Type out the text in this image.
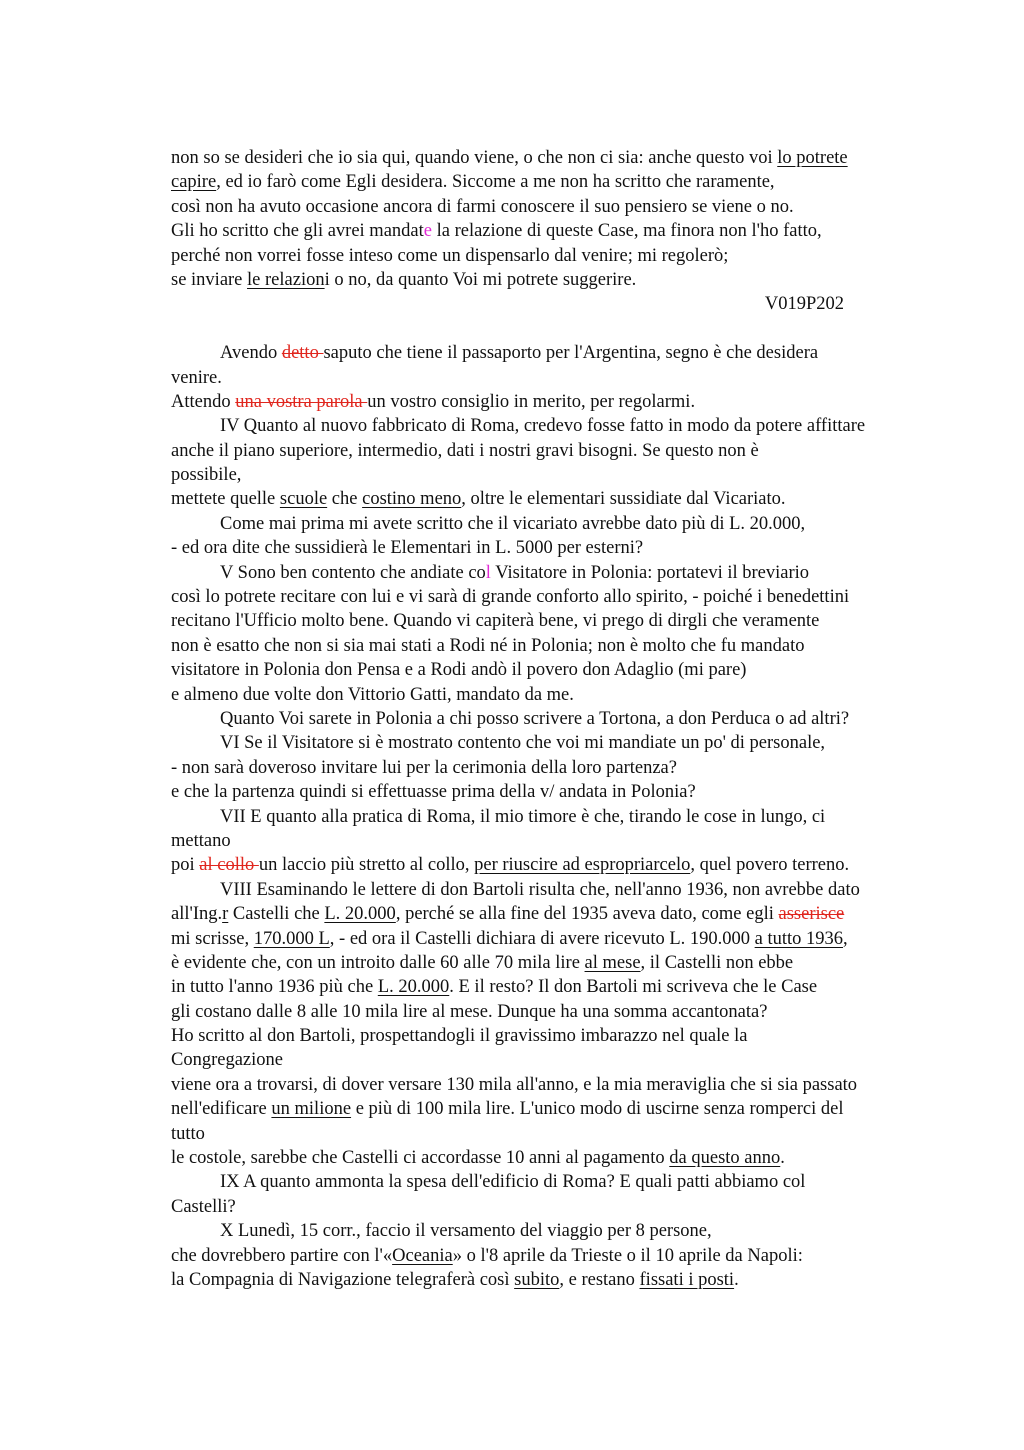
non so se desideri che io sia qui, quando viene, o che non ci sia: anche questo voi lo potrete
capire, ed io farò come Egli desidera. Siccome a me non ha scritto che raramente,
così non ha avuto occasione ancora di farmi conoscere il suo pensiero se viene o no.
Gli ho scritto che gli avrei mandate la relazione di queste Case, ma finora non l'ho fatto,
perché non vorrei fosse inteso come un dispensarlo dal venire; mi regolerò;
se inviare le relazioni o no, da quanto Voi mi potrete suggerire.
V019P202
Avendo detto saputo che tiene il passaporto per l'Argentina, segno è che desidera
venire.
Attendo una vostra parola un vostro consiglio in merito, per regolarmi.
IV Quanto al nuovo fabbricato di Roma, credevo fosse fatto in modo da potere affittare
anche il piano superiore, intermedio, dati i nostri gravi bisogni. Se questo non è
possibile,
mettete quelle scuole che costino meno, oltre le elementari sussidiate dal Vicariato.
Come mai prima mi avete scritto che il vicariato avrebbe dato più di L. 20.000,
- ed ora dite che sussidierà le Elementari in L. 5000 per esterni?
V Sono ben contento che andiate col Visitatore in Polonia: portatevi il breviario
così lo potrete recitare con lui e vi sarà di grande conforto allo spirito, - poiché i benedettini
recitano l'Ufficio molto bene. Quando vi capiterà bene, vi prego di dirgli che veramente
non è esatto che non si sia mai stati a Rodi né in Polonia; non è molto che fu mandato
visitatore in Polonia don Pensa e a Rodi andò il povero don Adaglio (mi pare)
e almeno due volte don Vittorio Gatti, mandato da me.
Quanto Voi sarete in Polonia a chi posso scrivere a Tortona, a don Perduca o ad altri?
VI Se il Visitatore si è mostrato contento che voi mi mandiate un po' di personale,
- non sarà doveroso invitare lui per la cerimonia della loro partenza?
e che la partenza quindi si effettuasse prima della v/ andata in Polonia?
VII E quanto alla pratica di Roma, il mio timore è che, tirando le cose in lungo, ci
mettano
poi al collo un laccio più stretto al collo, per riuscire ad espropriarcelo, quel povero terreno.
VIII Esaminando le lettere di don Bartoli risulta che, nell'anno 1936, non avrebbe dato
all'Ing.r Castelli che L. 20.000, perché se alla fine del 1935 aveva dato, come egli asserisce
mi scrisse, 170.000 L, - ed ora il Castelli dichiara di avere ricevuto L. 190.000 a tutto 1936,
è evidente che, con un introito dalle 60 alle 70 mila lire al mese, il Castelli non ebbe
in tutto l'anno 1936 più che L. 20.000. E il resto? Il don Bartoli mi scriveva che le Case
gli costano dalle 8 alle 10 mila lire al mese. Dunque ha una somma accantonata?
Ho scritto al don Bartoli, prospettandogli il gravissimo imbarazzo nel quale la
Congregazione
viene ora a trovarsi, di dover versare 130 mila all'anno, e la mia meraviglia che si sia passato
nell'edificare un milione e più di 100 mila lire. L'unico modo di uscirne senza romperci del
tutto
le costole, sarebbe che Castelli ci accordasse 10 anni al pagamento da questo anno.
IX A quanto ammonta la spesa dell'edificio di Roma? E quali patti abbiamo col
Castelli?
X Lunedì, 15 corr., faccio il versamento del viaggio per 8 persone,
che dovrebbero partire con l'«Oceania» o l'8 aprile da Trieste o il 10 aprile da Napoli:
la Compagnia di Navigazione telegraferà così subito, e restano fissati i posti.
